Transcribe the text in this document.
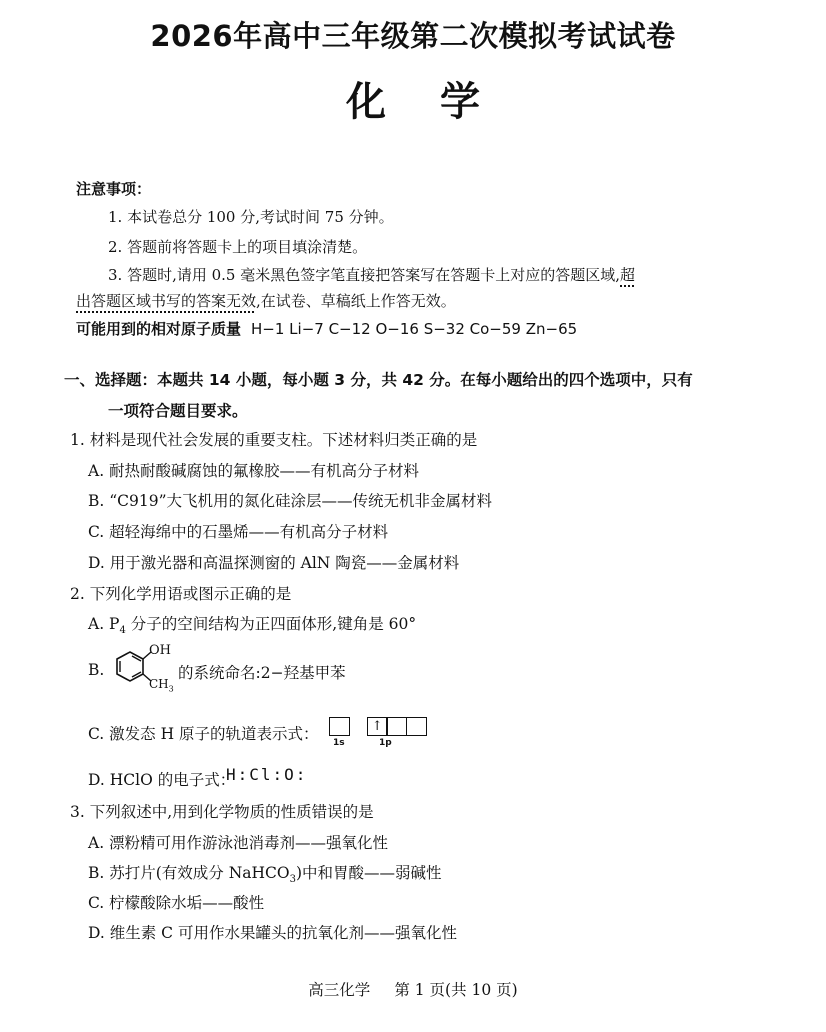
2026年高中三年级第二次模拟考试试卷
化学
注意事项：
1. 本试卷总分 100 分,考试时间 75 分钟。
2. 答题前将答题卡上的项目填涂清楚。
3. 答题时,请用 0.5 毫米黑色签字笔直接把答案写在答题卡上对应的答题区域,超
出答题区域书写的答案无效,在试卷、草稿纸上作答无效。
可能用到的相对原子质量 H−1 Li−7 C−12 O−16 S−32 Co−59 Zn−65
一、选择题：本题共 14 小题，每小题 3 分，共 42 分。在每小题给出的四个选项中，只有
一项符合题目要求。
1. 材料是现代社会发展的重要支柱。下述材料归类正确的是
A. 耐热耐酸碱腐蚀的氟橡胶——有机高分子材料
B. “C919”大飞机用的氮化硅涂层——传统无机非金属材料
C. 超轻海绵中的石墨烯——有机高分子材料
D. 用于激光器和高温探测窗的 AlN 陶瓷——金属材料
2. 下列化学用语或图示正确的是
A. $P_4$ 分子的空间结构为正四面体形,键角是 60°
B.
OH
$CH_3$
的系统命名:2−羟基甲苯
C. 激发态 H 原子的轨道表示式：	↑
1s	1p
D. HClO 的电子式：
H:Cl:O:
3. 下列叙述中,用到化学物质的性质错误的是
A. 漂粉精可用作游泳池消毒剂——强氧化性
B. 苏打片(有效成分 NaHCO$_3$)中和胃酸——弱碱性
C. 柠檬酸除水垢——酸性
D. 维生素 C 可用作水果罐头的抗氧化剂——强氧化性
高三化学 第 1 页(共 10 页)
